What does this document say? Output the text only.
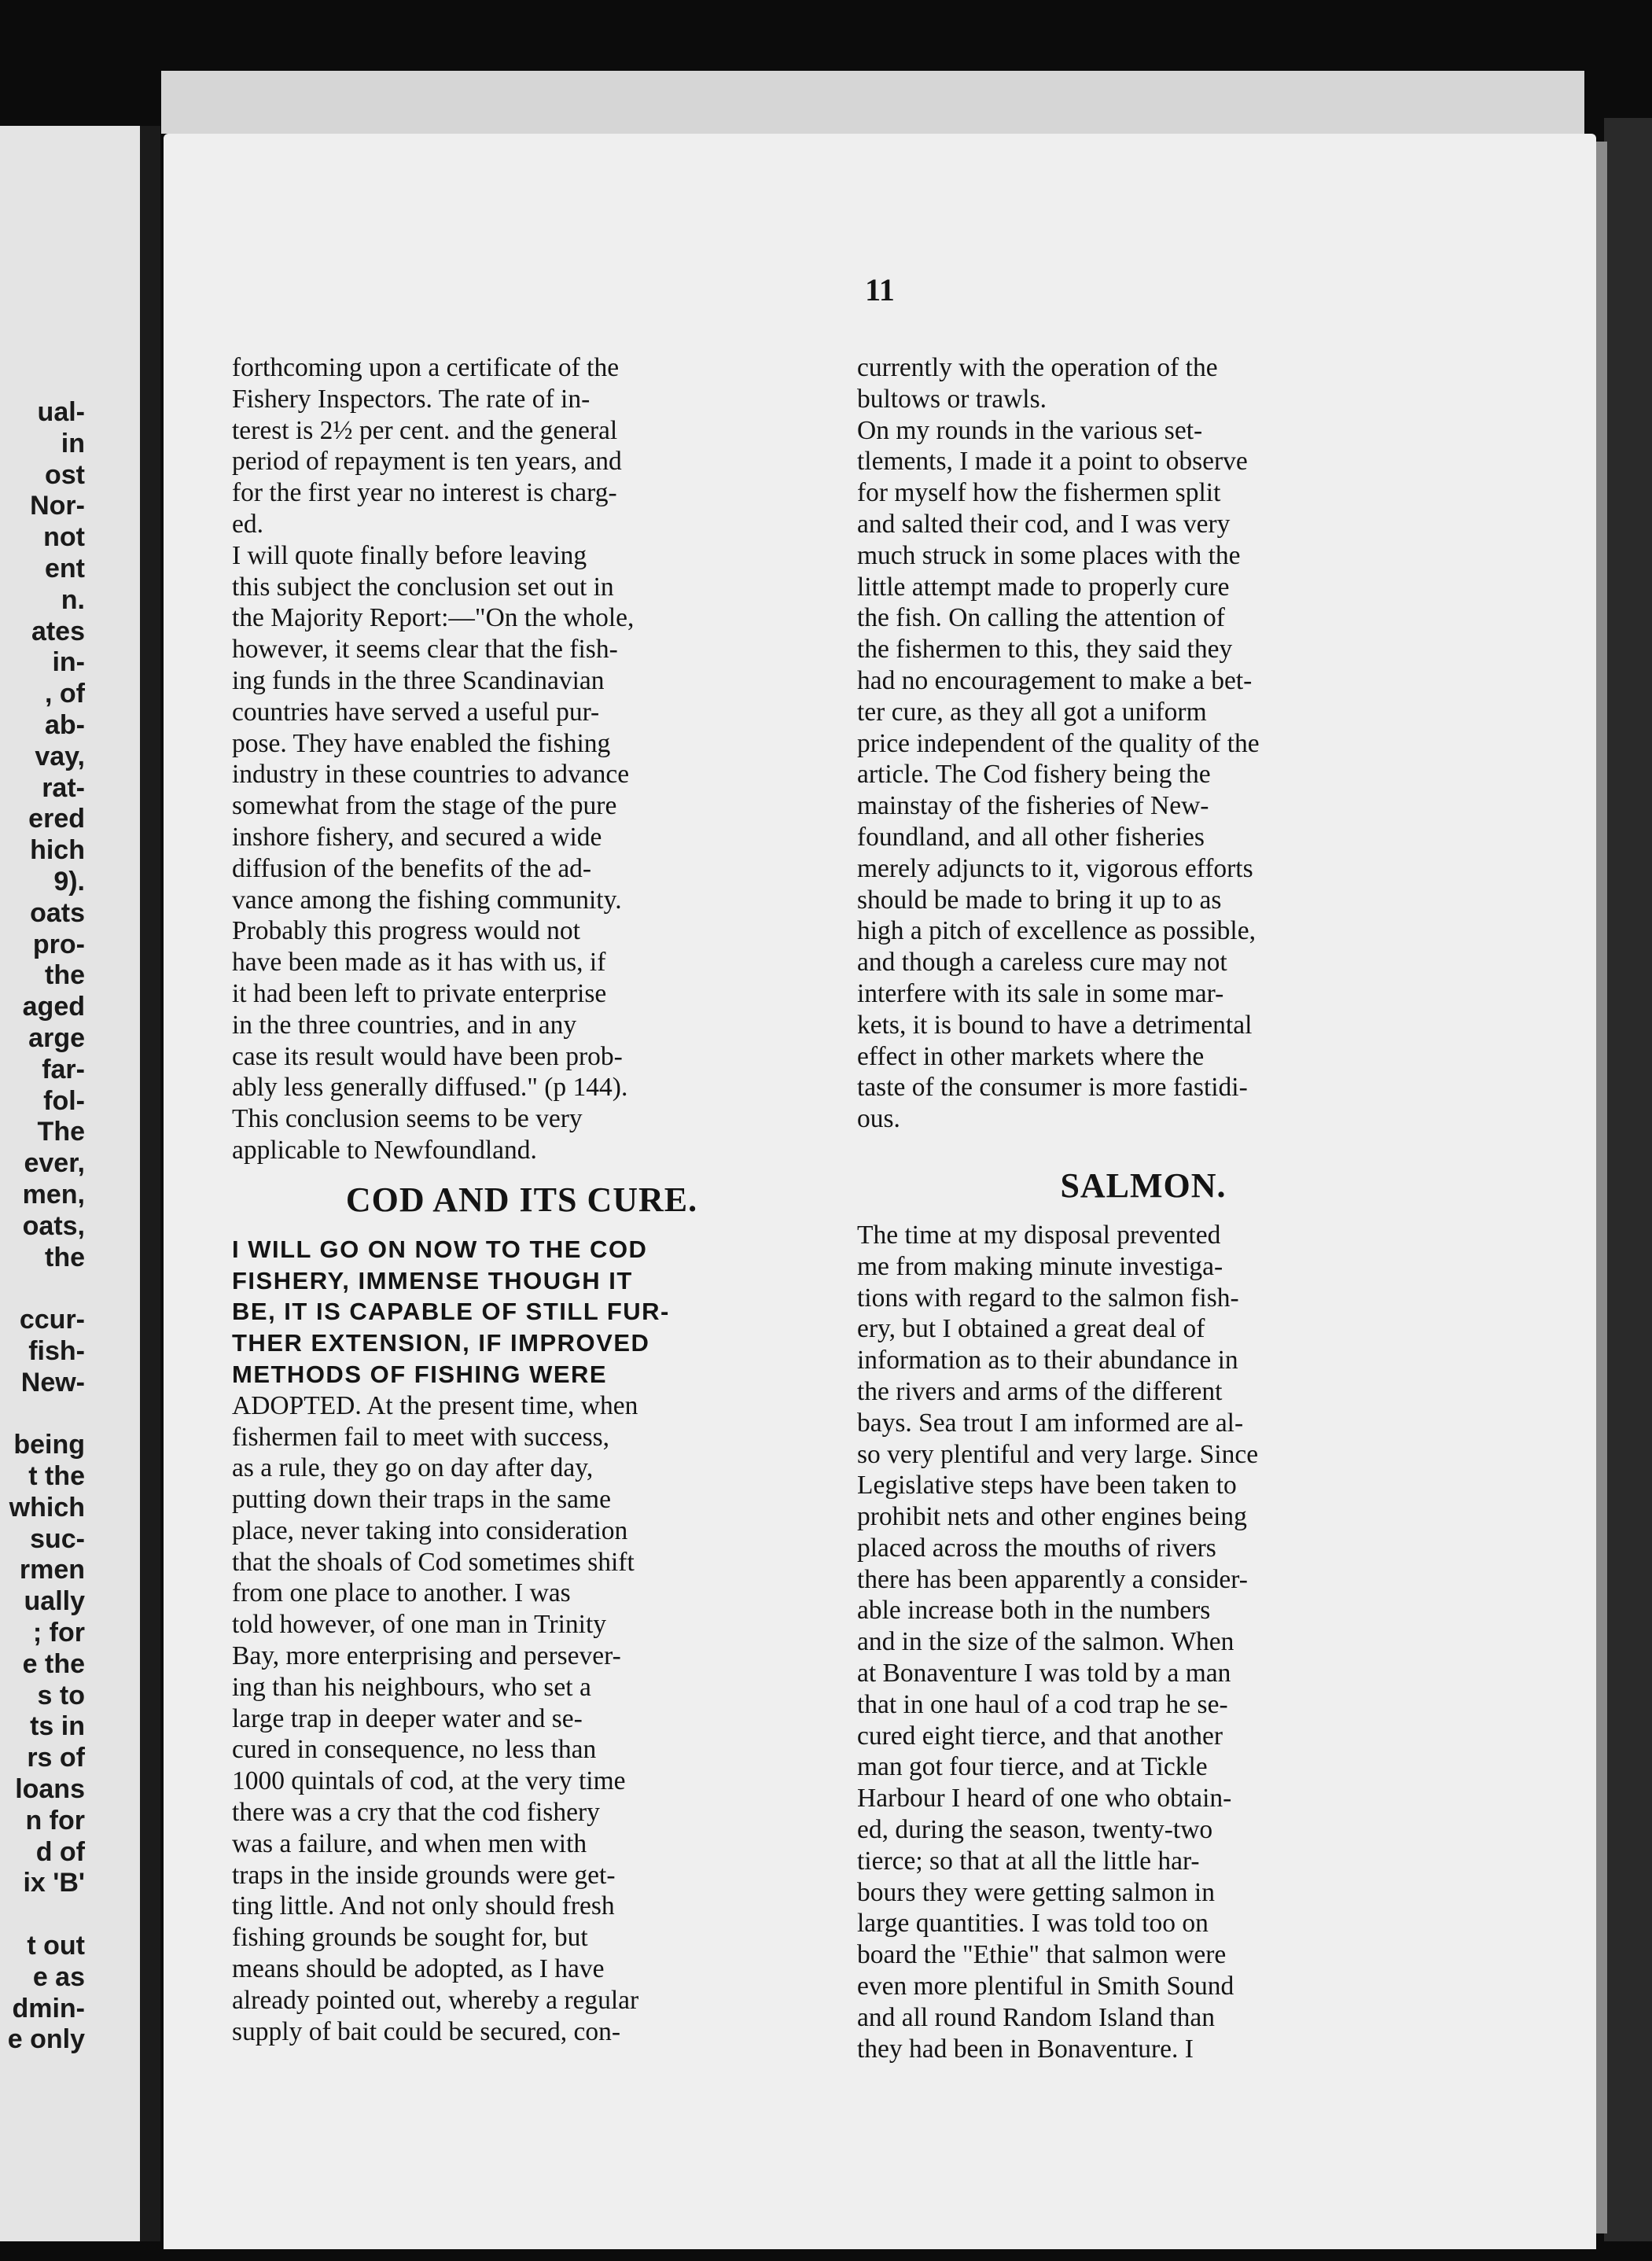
ual-
in
ost
Nor-
not
ent
n.
ates
in-
, of
ab-
vay,
rat-
ered
hich
9).
oats
pro-
the
aged
arge
far-
fol-
The
ever,
men,
oats,
the
ccur-
fish-
New-
being
t the
which
suc-
rmen
ually
; for
e the
s to
ts in
rs of
loans
n for
d of
ix 'B'
t out
e as
dmin-
e only
11
forthcoming upon a certificate of the
Fishery Inspectors. The rate of in-
terest is 2½ per cent. and the general
period of repayment is ten years, and
for the first year no interest is charg-
ed.
I will quote finally before leaving
this subject the conclusion set out in
the Majority Report:—"On the whole,
however, it seems clear that the fish-
ing funds in the three Scandinavian
countries have served a useful pur-
pose. They have enabled the fishing
industry in these countries to advance
somewhat from the stage of the pure
inshore fishery, and secured a wide
diffusion of the benefits of the ad-
vance among the fishing community.
Probably this progress would not
have been made as it has with us, if
it had been left to private enterprise
in the three countries, and in any
case its result would have been prob-
ably less generally diffused." (p 144).
This conclusion seems to be very
applicable to Newfoundland.
COD AND ITS CURE.
I WILL GO ON NOW TO THE COD
FISHERY, IMMENSE THOUGH IT
BE, IT IS CAPABLE OF STILL FUR-
THER EXTENSION, IF IMPROVED
METHODS OF FISHING WERE
ADOPTED. At the present time, when
fishermen fail to meet with success,
as a rule, they go on day after day,
putting down their traps in the same
place, never taking into consideration
that the shoals of Cod sometimes shift
from one place to another. I was
told however, of one man in Trinity
Bay, more enterprising and persever-
ing than his neighbours, who set a
large trap in deeper water and se-
cured in consequence, no less than
1000 quintals of cod, at the very time
there was a cry that the cod fishery
was a failure, and when men with
traps in the inside grounds were get-
ting little. And not only should fresh
fishing grounds be sought for, but
means should be adopted, as I have
already pointed out, whereby a regular
supply of bait could be secured, con-
currently with the operation of the
bultows or trawls.
On my rounds in the various set-
tlements, I made it a point to observe
for myself how the fishermen split
and salted their cod, and I was very
much struck in some places with the
little attempt made to properly cure
the fish. On calling the attention of
the fishermen to this, they said they
had no encouragement to make a bet-
ter cure, as they all got a uniform
price independent of the quality of the
article. The Cod fishery being the
mainstay of the fisheries of New-
foundland, and all other fisheries
merely adjuncts to it, vigorous efforts
should be made to bring it up to as
high a pitch of excellence as possible,
and though a careless cure may not
interfere with its sale in some mar-
kets, it is bound to have a detrimental
effect in other markets where the
taste of the consumer is more fastidi-
ous.
SALMON.
The time at my disposal prevented
me from making minute investiga-
tions with regard to the salmon fish-
ery, but I obtained a great deal of
information as to their abundance in
the rivers and arms of the different
bays. Sea trout I am informed are al-
so very plentiful and very large. Since
Legislative steps have been taken to
prohibit nets and other engines being
placed across the mouths of rivers
there has been apparently a consider-
able increase both in the numbers
and in the size of the salmon. When
at Bonaventure I was told by a man
that in one haul of a cod trap he se-
cured eight tierce, and that another
man got four tierce, and at Tickle
Harbour I heard of one who obtain-
ed, during the season, twenty-two
tierce; so that at all the little har-
bours they were getting salmon in
large quantities. I was told too on
board the "Ethie" that salmon were
even more plentiful in Smith Sound
and all round Random Island than
they had been in Bonaventure. I
